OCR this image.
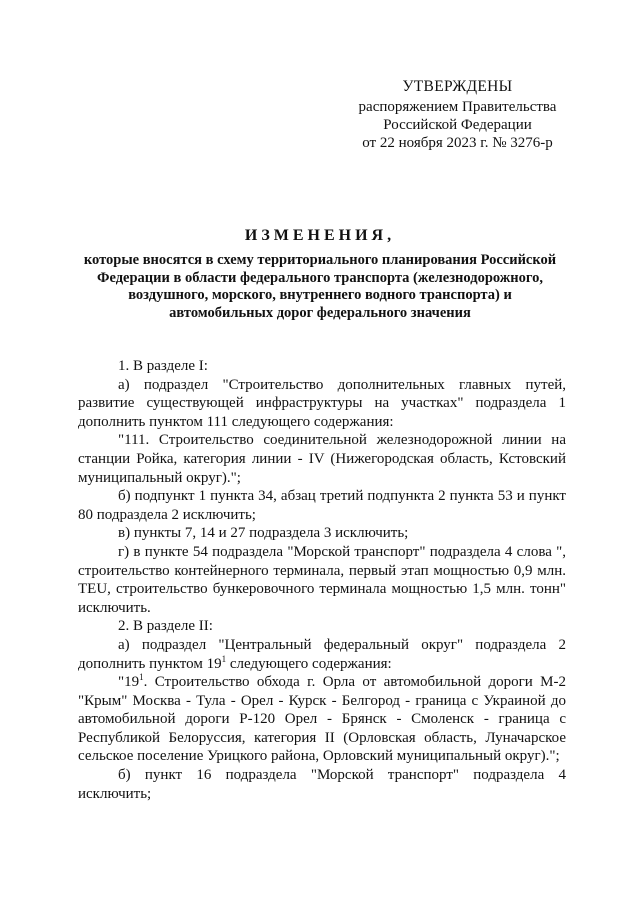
УТВЕРЖДЕНЫ
распоряжением Правительства
Российской Федерации
от 22 ноября 2023 г. № 3276-р
ИЗМЕНЕНИЯ,
которые вносятся в схему территориального планирования Российской Федерации в области федерального транспорта (железнодорожного, воздушного, морского, внутреннего водного транспорта) и автомобильных дорог федерального значения

1. В разделе I:

а) подраздел "Строительство дополнительных главных путей, развитие существующей инфраструктуры на участках" подраздела 1 дополнить пунктом 111 следующего содержания:

"111. Строительство соединительной железнодорожной линии на станции Ройка, категория линии - IV (Нижегородская область, Кстовский муниципальный округ).";

б) подпункт 1 пункта 34, абзац третий подпункта 2 пункта 53 и пункт 80 подраздела 2 исключить;

в) пункты 7, 14 и 27 подраздела 3 исключить;

г) в пункте 54 подраздела "Морской транспорт" подраздела 4 слова ", строительство контейнерного терминала, первый этап мощностью 0,9 млн. TEU, строительство бункеровочного терминала мощностью 1,5 млн. тонн" исключить.

2. В разделе II:

а) подраздел "Центральный федеральный округ" подраздела 2 дополнить пунктом $19^1$ следующего содержания:

"$19^1$. Строительство обхода г. Орла от автомобильной дороги М-2 "Крым" Москва - Тула - Орел - Курск - Белгород - граница с Украиной до автомобильной дороги Р-120 Орел - Брянск - Смоленск - граница с Республикой Белоруссия, категория II (Орловская область, Луначарское сельское поселение Урицкого района, Орловский муниципальный округ).";

б) пункт 16 подраздела "Морской транспорт" подраздела 4 исключить;
